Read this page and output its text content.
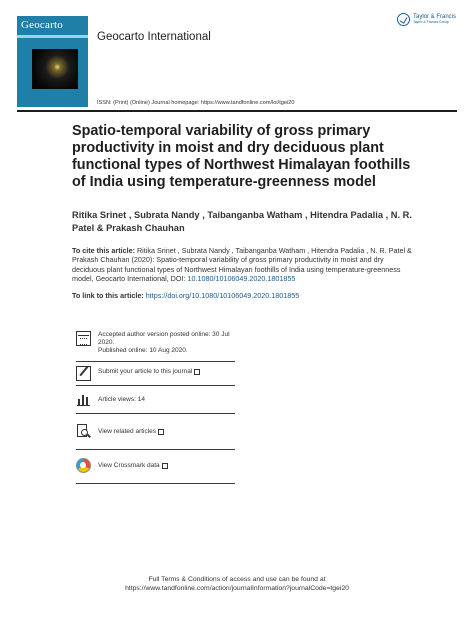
Geocarto
Geocarto International
Taylor & Francis
Taylor & Francis Group
ISSN: (Print) (Online) Journal homepage: https://www.tandfonline.com/loi/tgei20
Spatio-temporal variability of gross primary productivity in moist and dry deciduous plant functional types of Northwest Himalayan foothills of India using temperature-greenness model
Ritika Srinet , Subrata Nandy , Taibanganba Watham , Hitendra Padalia , N. R. Patel & Prakash Chauhan
To cite this article: Ritika Srinet , Subrata Nandy , Taibanganba Watham , Hitendra Padalia , N. R. Patel & Prakash Chauhan (2020): Spatio-temporal variability of gross primary productivity in moist and dry deciduous plant functional types of Northwest Himalayan foothills of India using temperature-greenness model, Geocarto International, DOI: 10.1080/10106049.2020.1801855
To link to this article: https://doi.org/10.1080/10106049.2020.1801855
Accepted author version posted online: 30 Jul 2020.
Published online: 10 Aug 2020.
Submit your article to this journal
Article views: 14
View related articles
View Crossmark data
Full Terms & Conditions of access and use can be found at
https://www.tandfonline.com/action/journalInformation?journalCode=tgei20
